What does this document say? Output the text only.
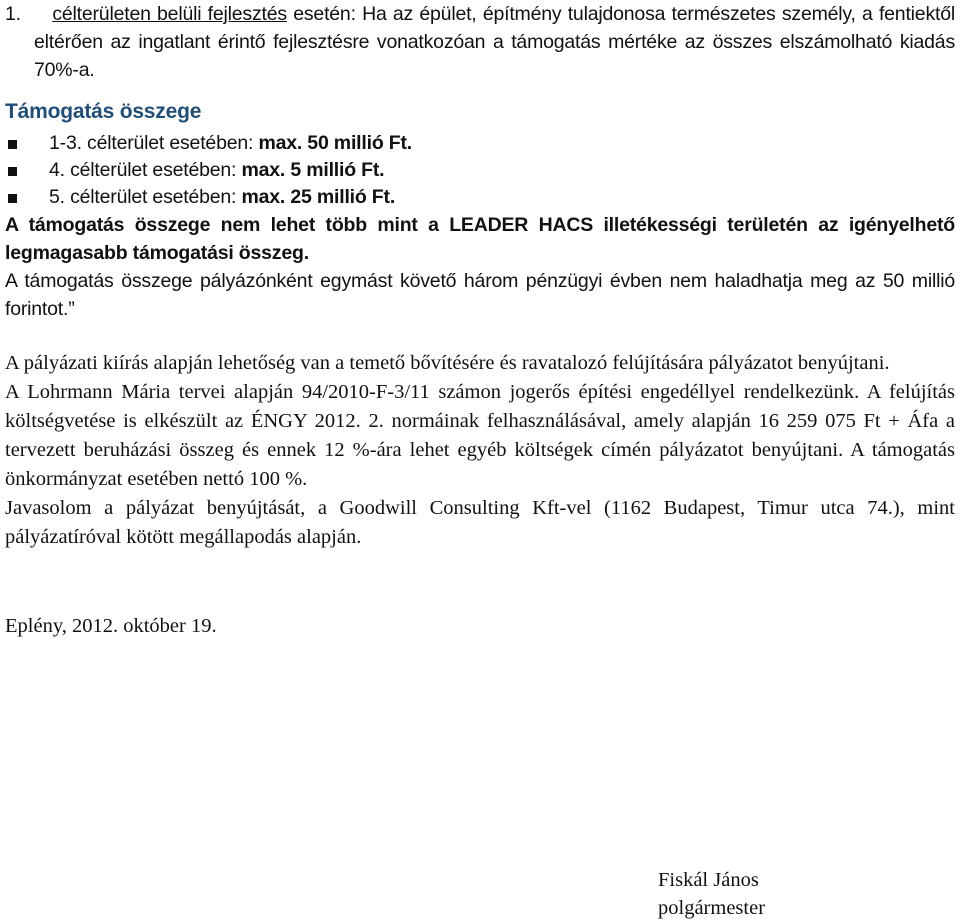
1. célterületen belüli fejlesztés esetén: Ha az épület, építmény tulajdonosa természetes személy, a fentiektől eltérően az ingatlant érintő fejlesztésre vonatkozóan a támogatás mértéke az összes elszámolható kiadás 70%-a.

Támogatás összege

1-3. célterület esetében: max. 50 millió Ft.
4. célterület esetében: max. 5 millió Ft.
5. célterület esetében: max. 25 millió Ft.

A támogatás összege nem lehet több mint a LEADER HACS illetékességi területén az igényelhető legmagasabb támogatási összeg.

A támogatás összege pályázónként egymást követő három pénzügyi évben nem haladhatja meg az 50 millió forintot.”

A pályázati kiírás alapján lehetőség van a temető bővítésére és ravatalozó felújítására pályázatot benyújtani.

A Lohrmann Mária tervei alapján 94/2010-F-3/11 számon jogerős építési engedéllyel rendelkezünk. A felújítás költségvetése is elkészült az ÉNGY 2012. 2. normáinak felhasználásával, amely alapján 16 259 075 Ft + Áfa a tervezett beruházási összeg és ennek 12 %-ára lehet egyéb költségek címén pályázatot benyújtani. A támogatás önkormányzat esetében nettó 100 %.

Javasolom a pályázat benyújtását, a Goodwill Consulting Kft-vel (1162 Budapest, Timur utca 74.), mint pályázatíróval kötött megállapodás alapján.

Eplény, 2012. október 19.

Fiskál János
polgármester
